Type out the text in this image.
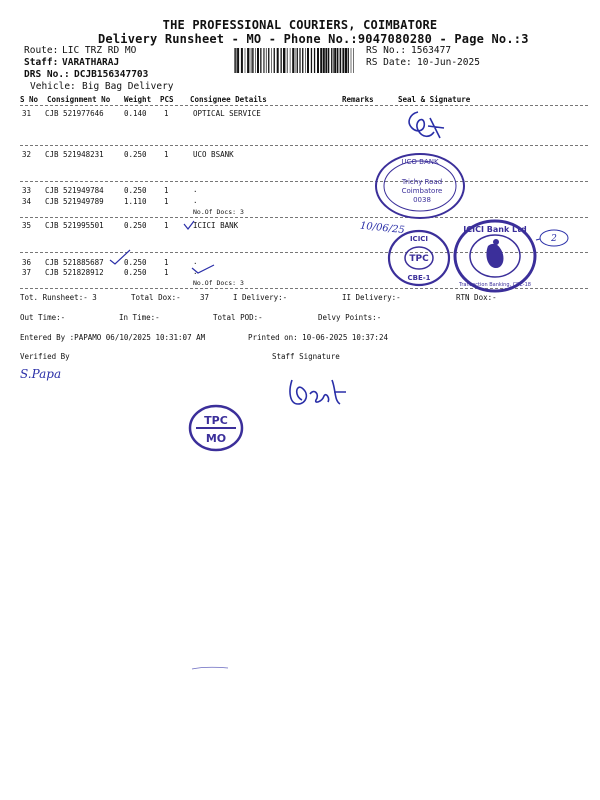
THE PROFESSIONAL COURIERS, COIMBATORE
Delivery Runsheet - MO - Phone No.:9047080280 - Page No.:3
Route: LIC TRZ RD MO
Staff: VARATHARAJ
DRS No.: DCJB156347703
Vehicle: Big Bag Delivery
RS No.: 1563477
RS Date: 10-Jun-2025
S No Consignment No Weight PCS Consignee Details	Remarks	Seal & Signature
31 CJB 521977646	0.140 1	OPTICAL SERVICE
32 CJB 521948231	0.250 1	UCO BSANK
33 CJB 521949784	0.250 1	.
34 CJB 521949789	1.110 1	.
No.Of Docs: 3
35 CJB 521995501	0.250 1	ICICI BANK
36 CJB 521885687	0.250 1	.
37 CJB 521828912	0.250 1	.
No.Of Docs: 3
Tot. Runsheet:- 3	Total Dox:-	37	I Delivery:-	II Delivery:-	RTN Dox:-
Out Time:-	In Time:-	Total POD:-	Delvy Points:-
Entered By :PAPAMO 06/10/2025 10:31:07 AM	Printed on: 10-06-2025 10:37:24
Verified By	Staff Signature
UCO BANK
Trichy Road
Coimbatore
0038
10/06/25
ICICI
TPC
CBE-1
ICICI Bank Ltd
Transaction Banking, CBE-18
2
S.Papa
TPC
MO
